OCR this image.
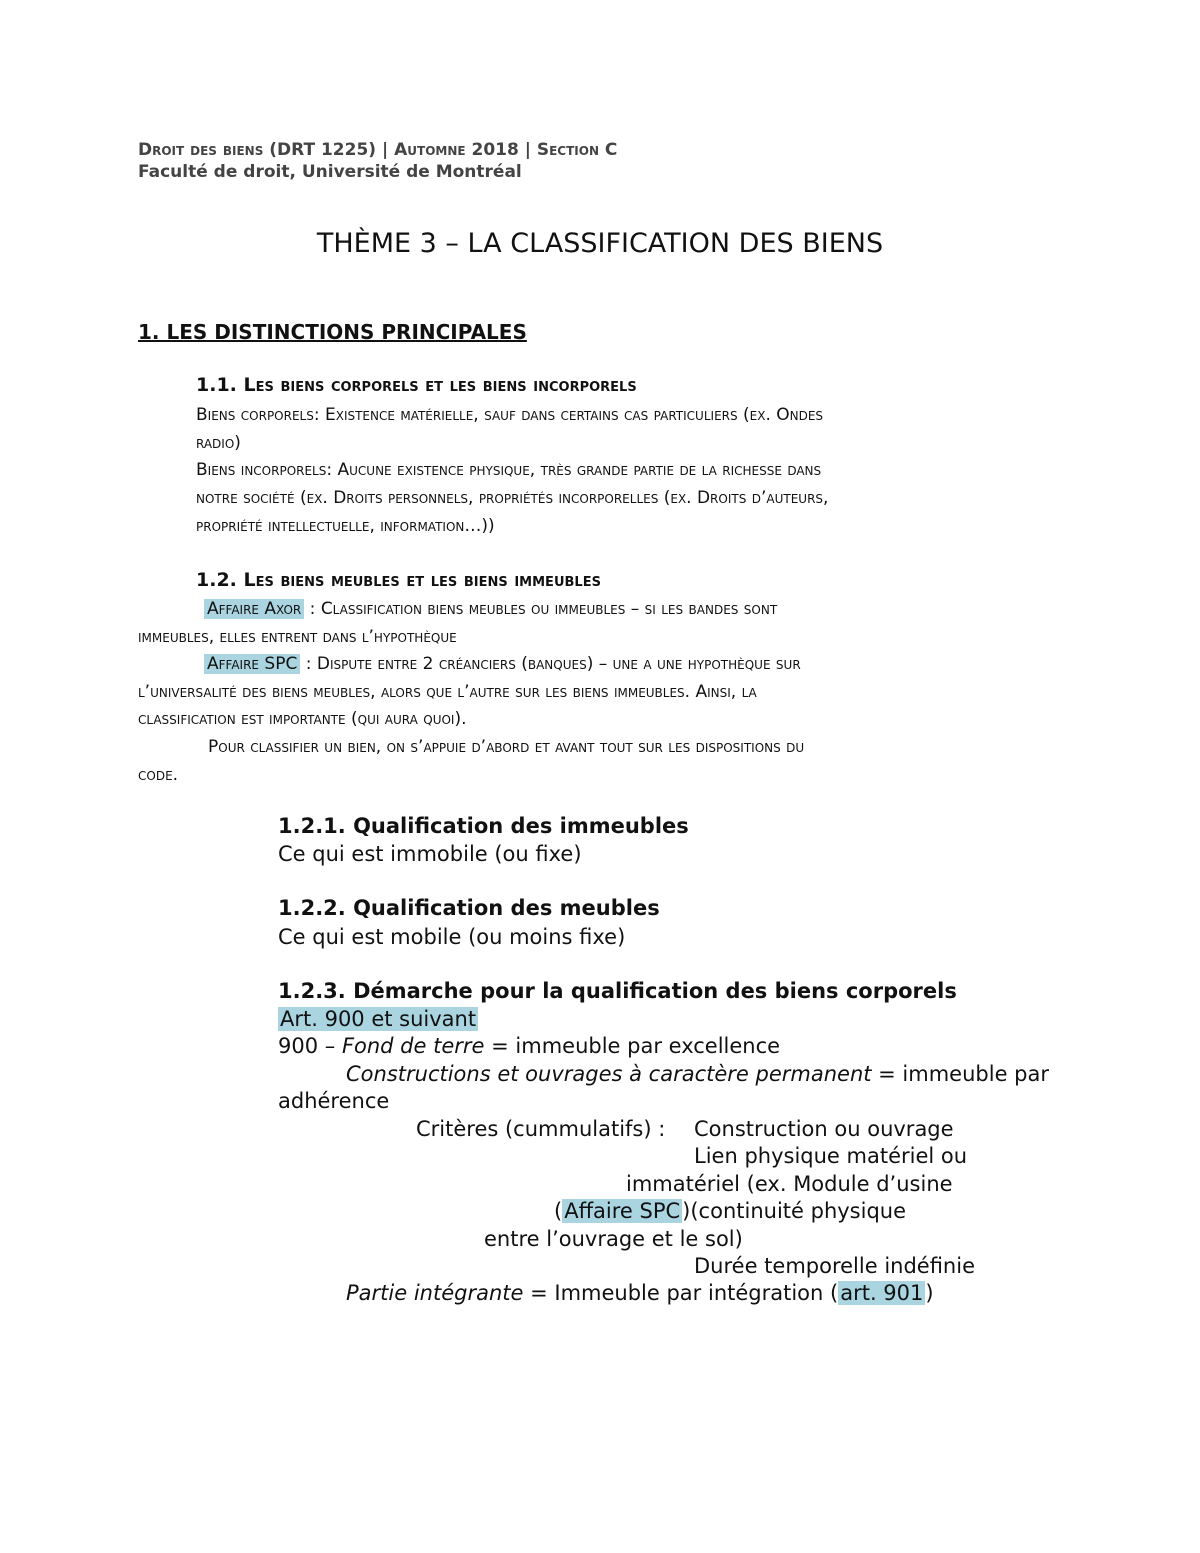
Droit des biens (DRT 1225) | Automne 2018 | Section C
Faculté de droit, Université de Montréal
THÈME 3 – LA CLASSIFICATION DES BIENS
1. LES DISTINCTIONS PRINCIPALES
1.1. Les biens corporels et les biens incorporels
Biens corporels: Existence matérielle, sauf dans certains cas particuliers (ex. Ondes
radio)
Biens incorporels: Aucune existence physique, très grande partie de la richesse dans
notre société (ex. Droits personnels, propriétés incorporelles (ex. Droits d’auteurs,
propriété intellectuelle, information…))
1.2. Les biens meubles et les biens immeubles
Affaire Axor : Classification biens meubles ou immeubles – si les bandes sont
immeubles, elles entrent dans l’hypothèque
Affaire SPC : Dispute entre 2 créanciers (banques) – une a une hypothèque sur
l’universalité des biens meubles, alors que l’autre sur les biens immeubles. Ainsi, la
classification est importante (qui aura quoi).
Pour classifier un bien, on s’appuie d’abord et avant tout sur les dispositions du
code.
1.2.1. Qualification des immeubles
Ce qui est immobile (ou fixe)
1.2.2. Qualification des meubles
Ce qui est mobile (ou moins fixe)
1.2.3. Démarche pour la qualification des biens corporels
Art. 900 et suivant
900 – Fond de terre = immeuble par excellence
Constructions et ouvrages à caractère permanent = immeuble par
adhérence
Critères (cummulatifs) : Construction ou ouvrage
Lien physique matériel ou
immatériel (ex. Module d’usine
(Affaire SPC)(continuité physique
entre l’ouvrage et le sol)
Durée temporelle indéfinie
Partie intégrante = Immeuble par intégration (art. 901)
